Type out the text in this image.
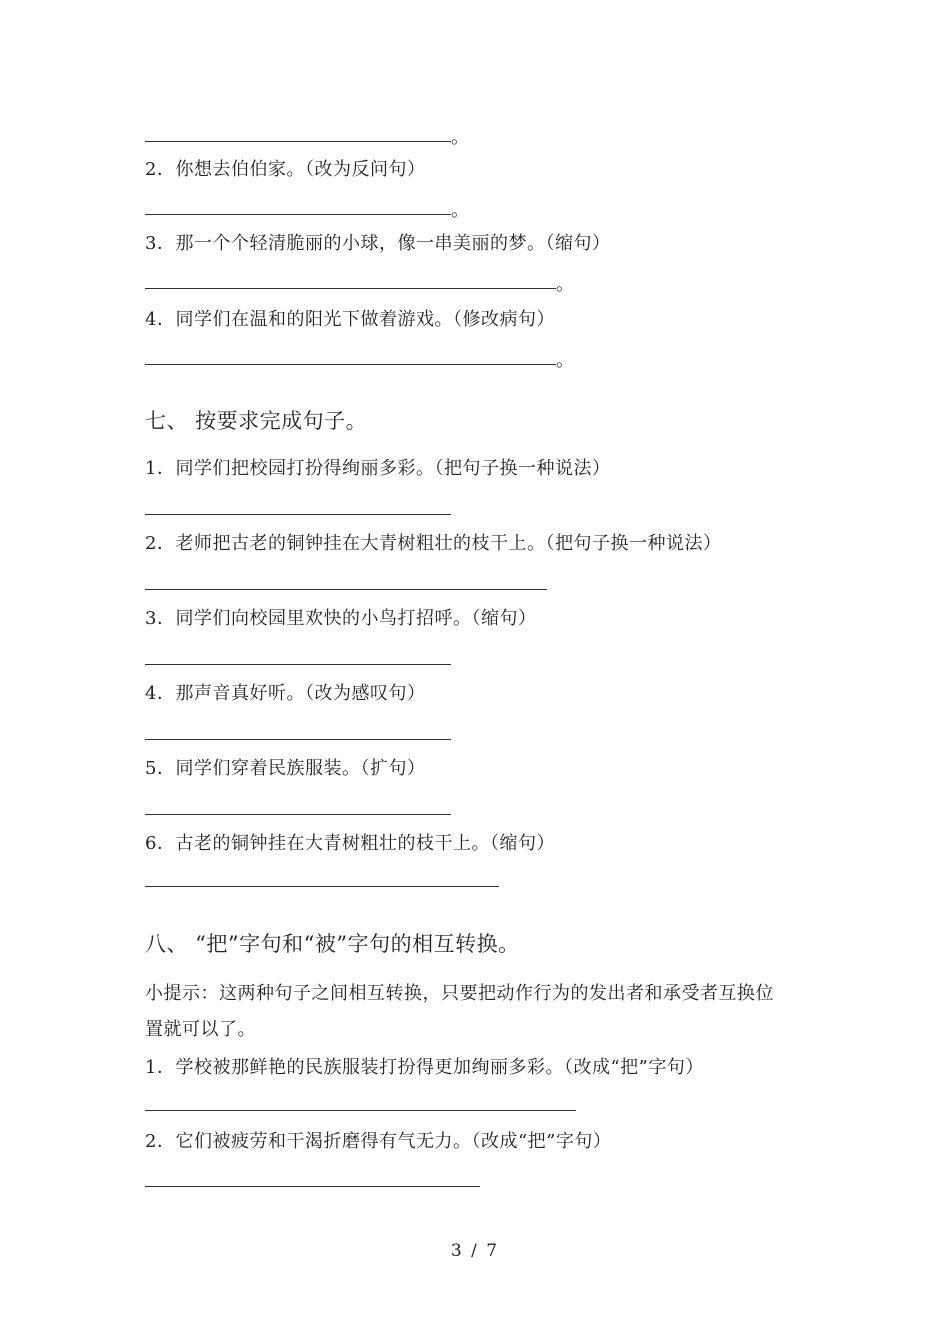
。
2．你想去伯伯家。（改为反问句）
。
3．那一个个轻清脆丽的小球，像一串美丽的梦。（缩句）
。
4．同学们在温和的阳光下做着游戏。（修改病句）
。
七、 按要求完成句子。
1．同学们把校园打扮得绚丽多彩。（把句子换一种说法）
2．老师把古老的铜钟挂在大青树粗壮的枝干上。（把句子换一种说法）
3．同学们向校园里欢快的小鸟打招呼。（缩句）
4．那声音真好听。（改为感叹句）
5．同学们穿着民族服装。（扩句）
6．古老的铜钟挂在大青树粗壮的枝干上。（缩句）
八、 “把”字句和“被”字句的相互转换。
小提示：这两种句子之间相互转换，只要把动作行为的发出者和承受者互换位
置就可以了。
1．学校被那鲜艳的民族服装打扮得更加绚丽多彩。（改成“把”字句）
2．它们被疲劳和干渴折磨得有气无力。（改成“把”字句）
3 / 7
